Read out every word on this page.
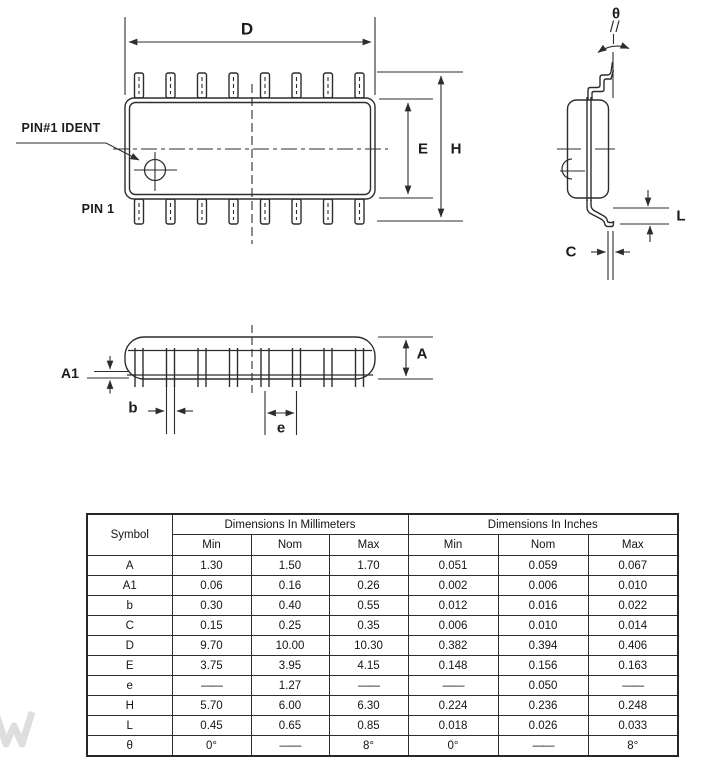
D
E H
θ
L
C
A
A1
b
e
PIN#1 IDENT
PIN 1
Symbol	Dimensions In Millimeters			Dimensions In Inches		
	Min	Nom	Max	Min	Nom	Max
A	1.30	1.50	1.70	0.051	0.059	0.067
A1	0.06	0.16	0.26	0.002	0.006	0.010
b	0.30	0.40	0.55	0.012	0.016	0.022
C	0.15	0.25	0.35	0.006	0.010	0.014
D	9.70	10.00	10.30	0.382	0.394	0.406
E	3.75	3.95	4.15	0.148	0.156	0.163
e	——	1.27	——	——	0.050	——
H	5.70	6.00	6.30	0.224	0.236	0.248
L	0.45	0.65	0.85	0.018	0.026	0.033
θ	0°	——	8°	0°	——	8°
